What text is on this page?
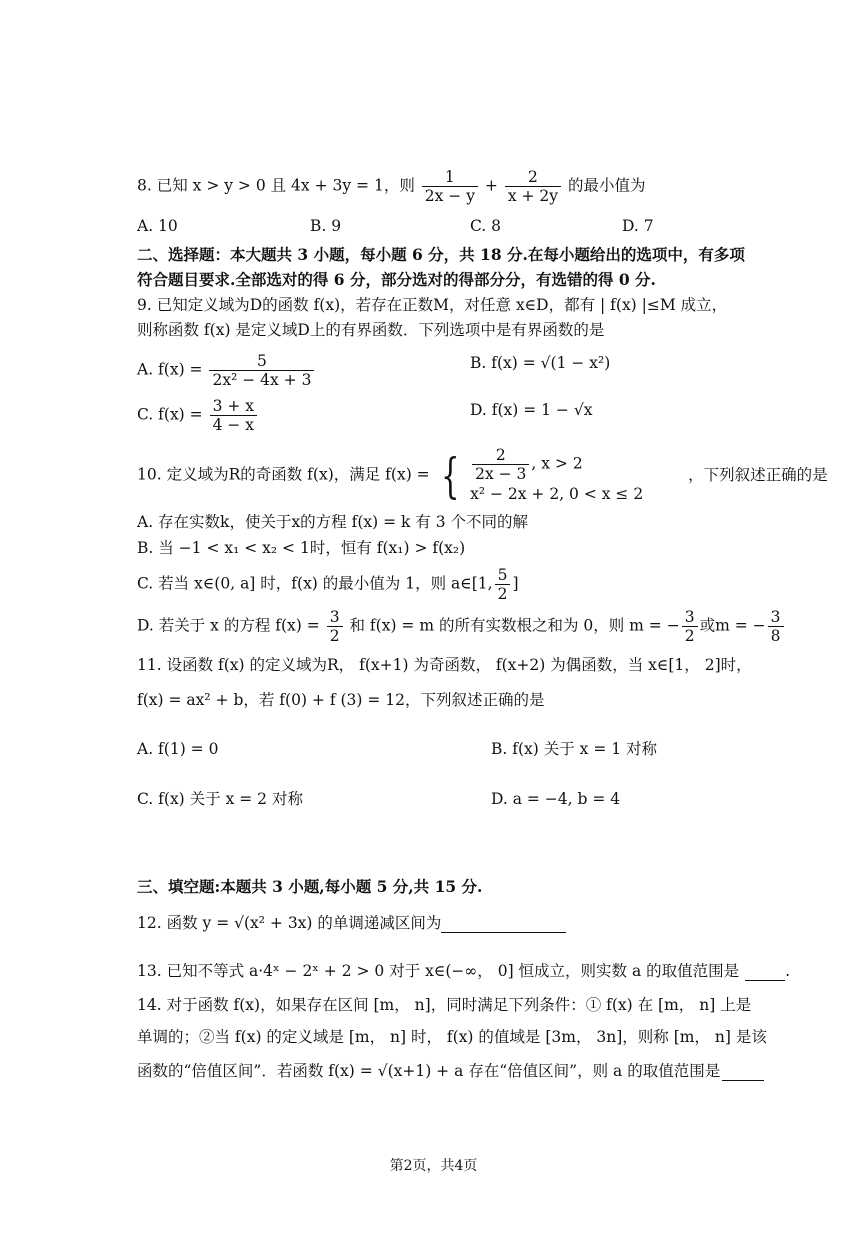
8. 已知 x > y > 0 且 4x + 3y = 1，则 $\frac{1}{2x - y} + \frac{2}{x + 2y}$ 的最小值为
A. 10	B. 9	C. 8	D. 7
二、选择题：本大题共 3 小题，每小题 6 分，共 18 分.在每小题给出的选项中，有多项
符合题目要求.全部选对的得 6 分，部分选对的得部分分，有选错的得 0 分.
9. 已知定义域为D的函数 f(x)，若存在正数M，对任意 x∈D，都有 | f(x) |≤M 成立，
则称函数 f(x) 是定义域D上的有界函数．下列选项中是有界函数的是
A. $f(x) = \frac{5}{\text{2x² − 4x + 3}}$	B. f(x) = √(1 − x²)
C. $f(x) = \frac{3 + x}{4 - x}$	D. f(x) = 1 − √x
10. 定义域为R的奇函数 f(x)，满足 f(x) = { $\frac{2}{2x - 3}$ , x > 2
x² − 2x + 2, 0 < x ≤ 2
，下列叙述正确的是
A. 存在实数k，使关于x的方程 f(x) = k 有 3 个不同的解
B. 当 −1 < x₁ < x₂ < 1时，恒有 f(x₁) > f(x₂)
C. 若当 x∈(0, a] 时，f(x) 的最小值为 1，则 a∈[1, $\frac{5}{2}$ ]
D. 若关于 x 的方程 $f(x) = \frac{3}{2}$ 和 f(x) = m 的所有实数根之和为 0，则 m = − $\frac{3}{2}$ 或m = − $\frac{3}{8}$
11. 设函数 f(x) 的定义域为R， f(x+1) 为奇函数， f(x+2) 为偶函数，当 x∈[1， 2]时，
f(x) = ax² + b，若 f(0) + f (3) = 12，下列叙述正确的是
A. f(1) = 0	B. f(x) 关于 x = 1 对称
C. f(x) 关于 x = 2 对称	D. a = −4, b = 4
三、填空题:本题共 3 小题,每小题 5 分,共 15 分.
12. 函数 y = √(x² + 3x) 的单调递减区间为
13. 已知不等式 a·4ˣ − 2ˣ + 2 > 0 对于 x∈(−∞， 0] 恒成立，则实数 a 的取值范围是	.
14. 对于函数 f(x)，如果存在区间 [m， n]，同时满足下列条件：① f(x) 在 [m， n] 上是
单调的；②当 f(x) 的定义域是 [m， n] 时， f(x) 的值域是 [3m， 3n]，则称 [m， n] 是该
函数的“倍值区间”．若函数 f(x) = √(x+1) + a 存在“倍值区间”，则 a 的取值范围是
第2页，共4页
